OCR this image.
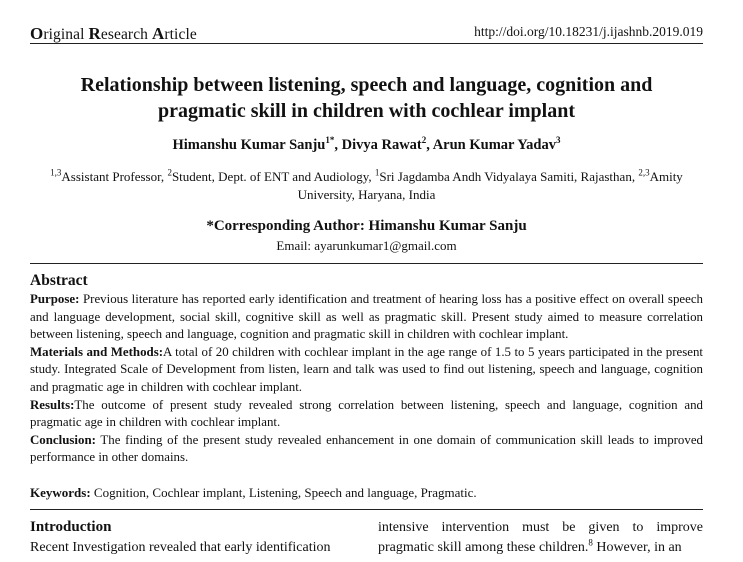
Original Research Article	http://doi.org/10.18231/j.ijashnb.2019.019
Relationship between listening, speech and language, cognition and
pragmatic skill in children with cochlear implant
Himanshu Kumar Sanju$^{1*}$, Divya Rawat$^2$, Arun Kumar Yadav$^3$
$^{1,3}$Assistant Professor, $^2$Student, Dept. of ENT and Audiology, $^1$Sri Jagdamba Andh Vidyalaya Samiti, Rajasthan, $^{2,3}$Amity
University, Haryana, India
*Corresponding Author: Himanshu Kumar Sanju
Email: ayarunkumar1@gmail.com
Abstract

Purpose: Previous literature has reported early identification and treatment of hearing loss has a positive effect on overall speech and language development, social skill, cognitive skill as well as pragmatic skill. Present study aimed to measure correlation between listening, speech and language, cognition and pragmatic skill in children with cochlear implant.

Materials and Methods:A total of 20 children with cochlear implant in the age range of 1.5 to 5 years participated in the present study. Integrated Scale of Development from listen, learn and talk was used to find out listening, speech and language, cognition and pragmatic age in children with cochlear implant.

Results:The outcome of present study revealed strong correlation between listening, speech and language, cognition and pragmatic age in children with cochlear implant.

Conclusion: The finding of the present study revealed enhancement in one domain of communication skill leads to improved performance in other domains.

Keywords: Cognition, Cochlear implant, Listening, Speech and language, Pragmatic.
Introduction

Recent Investigation revealed that early identification

intensive intervention must be given to improve pragmatic skill among these children.$^8$ However, in an
